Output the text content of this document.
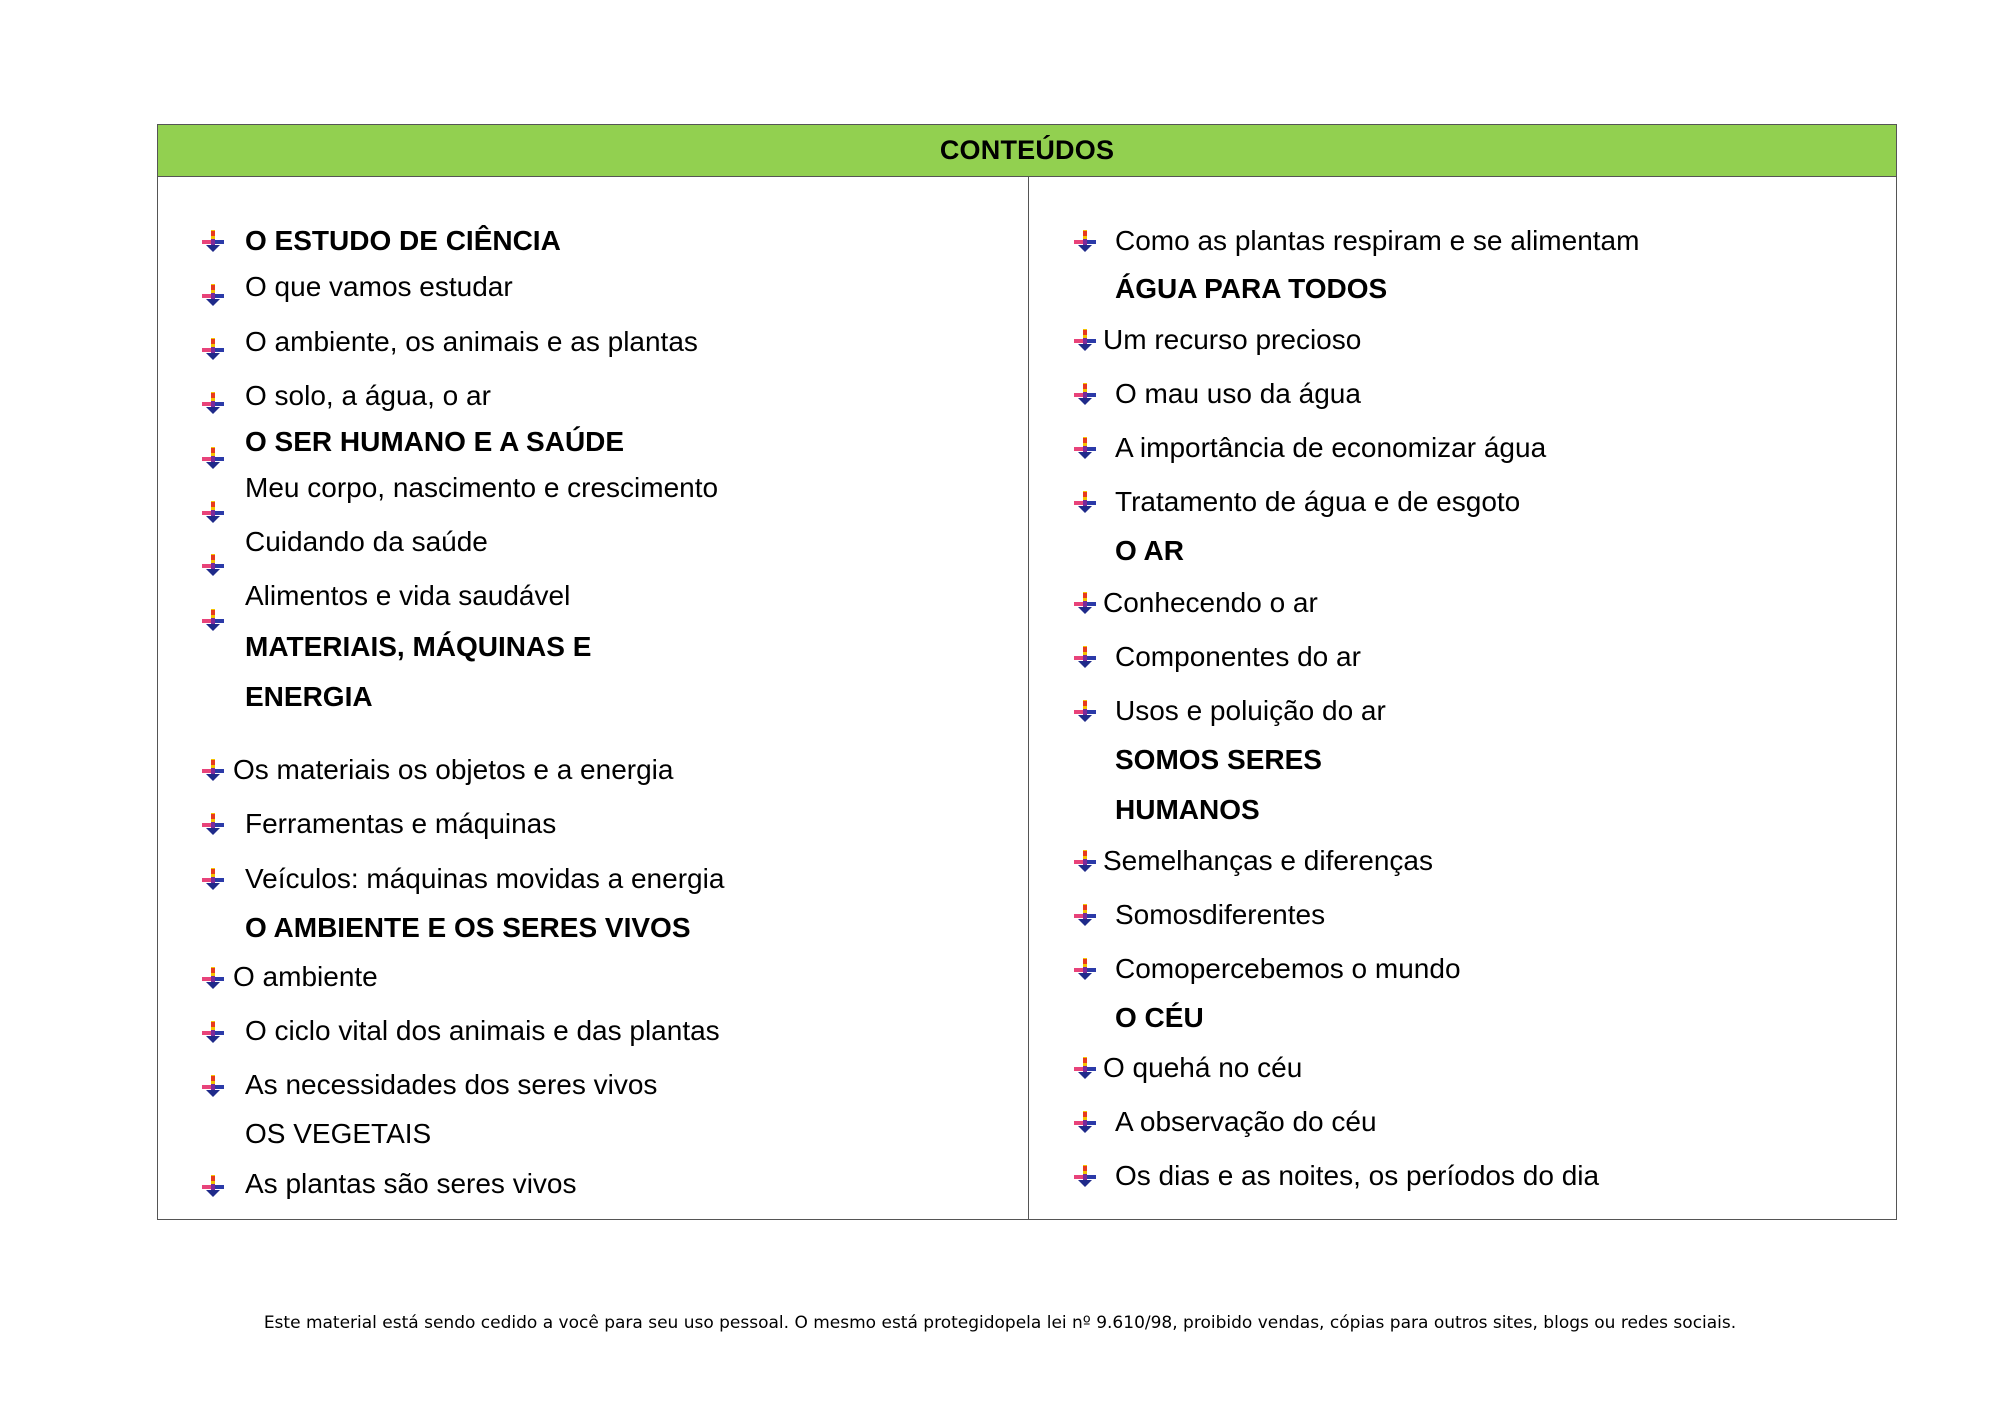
CONTEÚDOS
O ESTUDO DE CIÊNCIA
O que vamos estudar
O ambiente, os animais e as plantas
O solo, a água, o ar
O SER HUMANO E A SAÚDE
Meu corpo, nascimento e crescimento
Cuidando da saúde
Alimentos e vida saudável
MATERIAIS, MÁQUINAS E
ENERGIA
Os materiais os objetos e a energia
Ferramentas e máquinas
Veículos: máquinas movidas a energia
O AMBIENTE E OS SERES VIVOS
O ambiente
O ciclo vital dos animais e das plantas
As necessidades dos seres vivos
OS VEGETAIS
As plantas são seres vivos
Como as plantas respiram e se alimentam
ÁGUA PARA TODOS
Um recurso precioso
O mau uso da água
A importância de economizar água
Tratamento de água e de esgoto
O AR
Conhecendo o ar
Componentes do ar
Usos e poluição do ar
SOMOS SERES
HUMANOS
Semelhanças e diferenças
Somosdiferentes
Comopercebemos o mundo
O CÉU
O quehá no céu
A observação do céu
Os dias e as noites, os períodos do dia
Este material está sendo cedido a você para seu uso pessoal. O mesmo está protegidopela lei nº 9.610/98, proibido vendas, cópias para outros sites, blogs ou redes sociais.
